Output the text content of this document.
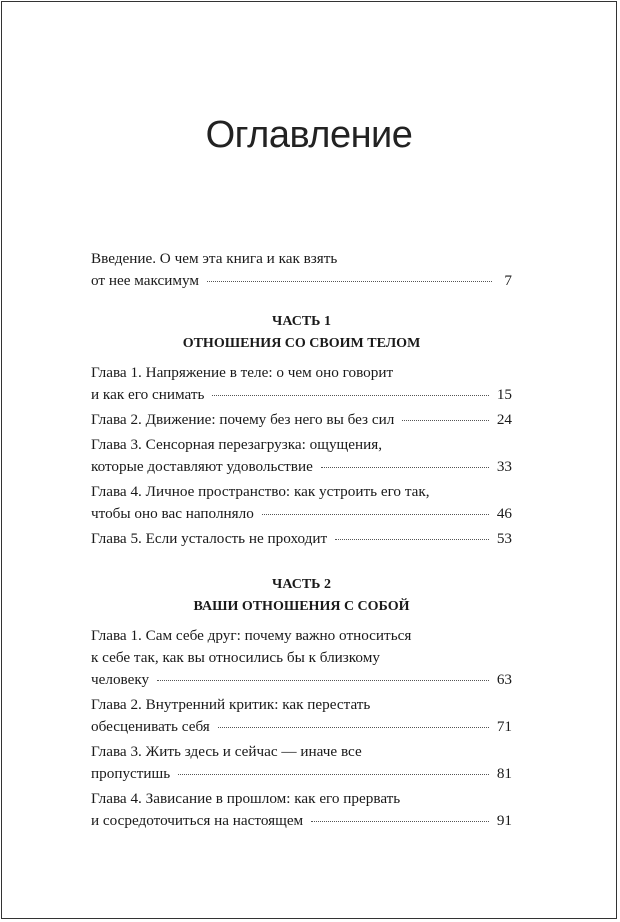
Оглавление
Введение. О чем эта книга и как взять
от нее максимум	7
ЧАСТЬ 1
ОТНОШЕНИЯ СО СВОИМ ТЕЛОМ
Глава 1. Напряжение в теле: о чем оно говорит
и как его снимать	15
Глава 2. Движение: почему без него вы без сил	24
Глава 3. Сенсорная перезагрузка: ощущения,
которые доставляют удовольствие	33
Глава 4. Личное пространство: как устроить его так,
чтобы оно вас наполняло	46
Глава 5. Если усталость не проходит	53
ЧАСТЬ 2
ВАШИ ОТНОШЕНИЯ С СОБОЙ
Глава 1. Сам себе друг: почему важно относиться
к себе так, как вы относились бы к близкому
человеку	63
Глава 2. Внутренний критик: как перестать
обесценивать себя	71
Глава 3. Жить здесь и сейчас — иначе все
пропустишь	81
Глава 4. Зависание в прошлом: как его прервать
и сосредоточиться на настоящем	91
